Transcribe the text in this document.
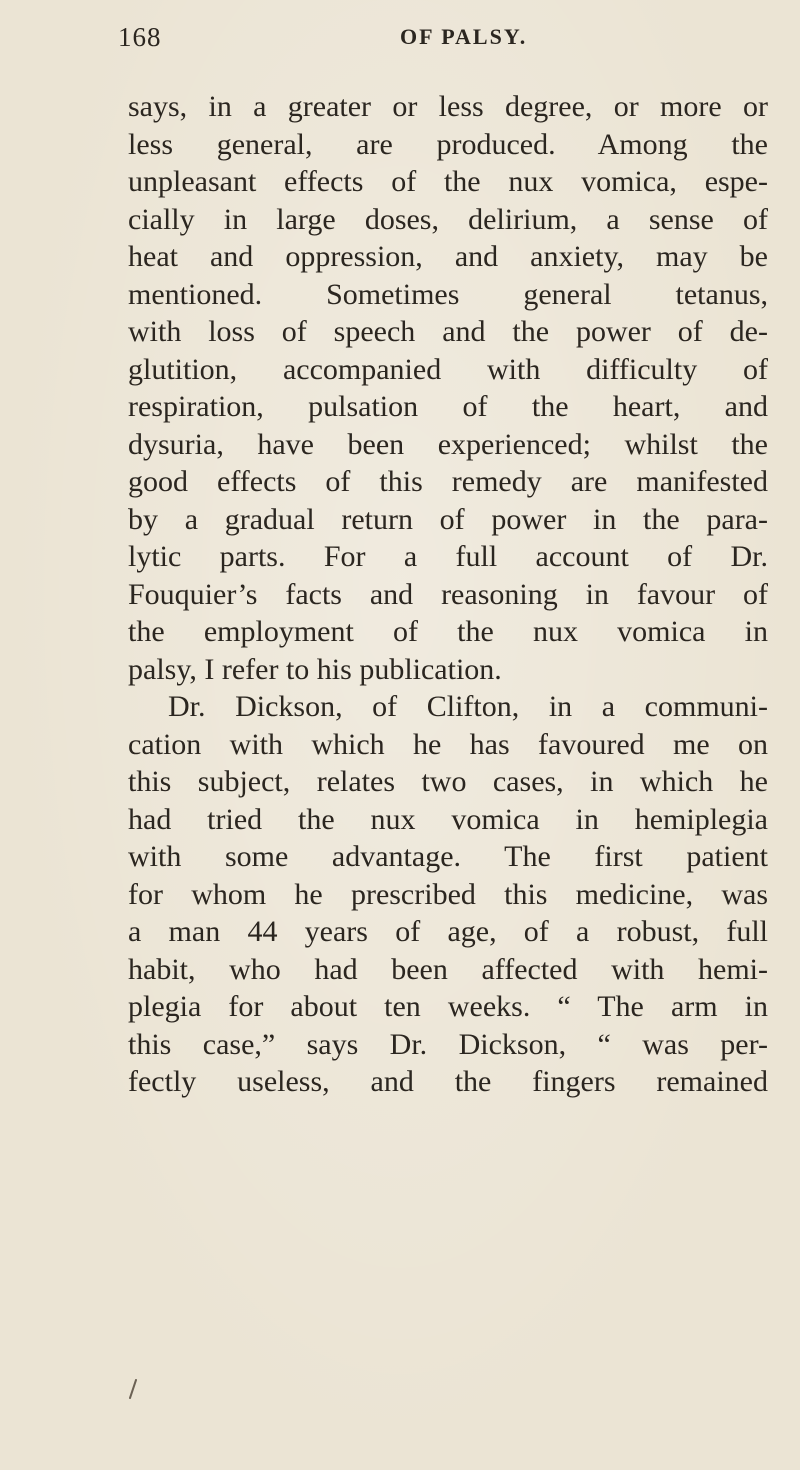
168	OF PALSY.
says, in a greater or less degree, or more or
less general, are produced. Among the
unpleasant effects of the nux vomica, espe-
cially in large doses, delirium, a sense of
heat and oppression, and anxiety, may be
mentioned. Sometimes general tetanus,
with loss of speech and the power of de-
glutition, accompanied with difficulty of
respiration, pulsation of the heart, and
dysuria, have been experienced; whilst the
good effects of this remedy are manifested
by a gradual return of power in the para-
lytic parts. For a full account of Dr.
Fouquier’s facts and reasoning in favour of
the employment of the nux vomica in
palsy, I refer to his publication.
Dr. Dickson, of Clifton, in a communi-
cation with which he has favoured me on
this subject, relates two cases, in which he
had tried the nux vomica in hemiplegia
with some advantage. The first patient
for whom he prescribed this medicine, was
a man 44 years of age, of a robust, full
habit, who had been affected with hemi-
plegia for about ten weeks. “ The arm in
this case,” says Dr. Dickson, “ was per-
fectly useless, and the fingers remained
